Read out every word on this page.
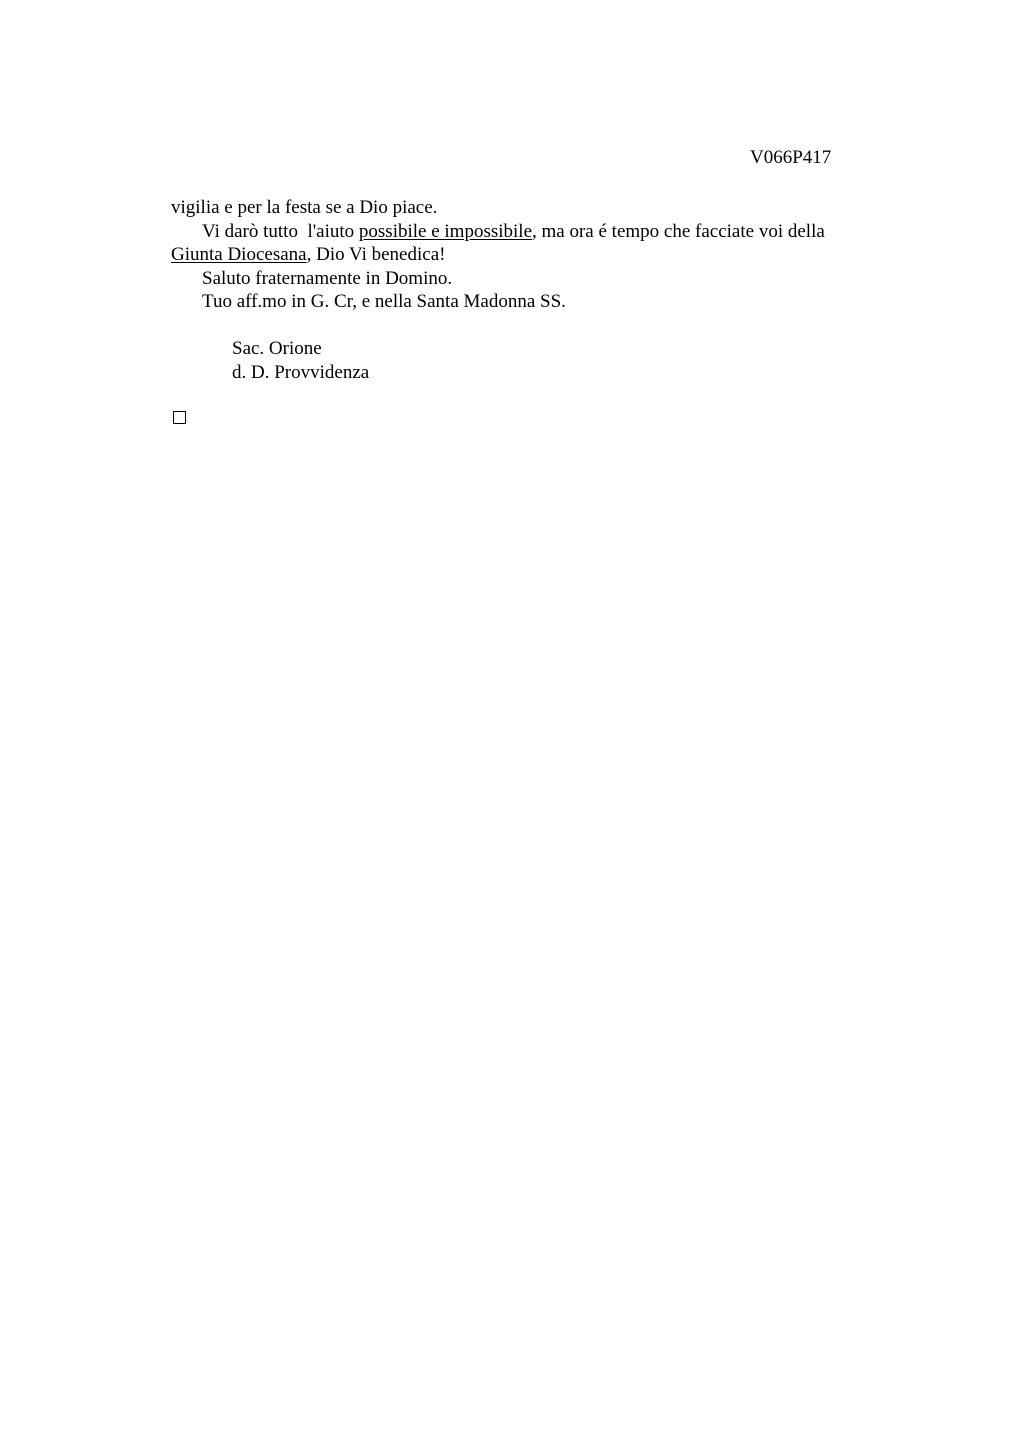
V066P417
vigilia e per la festa se a Dio piace.
Vi darò tutto  l'aiuto possibile e impossibile, ma ora é tempo che facciate voi della
Giunta Diocesana, Dio Vi benedica!
Saluto fraternamente in Domino.
Tuo aff.mo in G. Cr, e nella Santa Madonna SS.
Sac. Orione
d. D. Provvidenza
